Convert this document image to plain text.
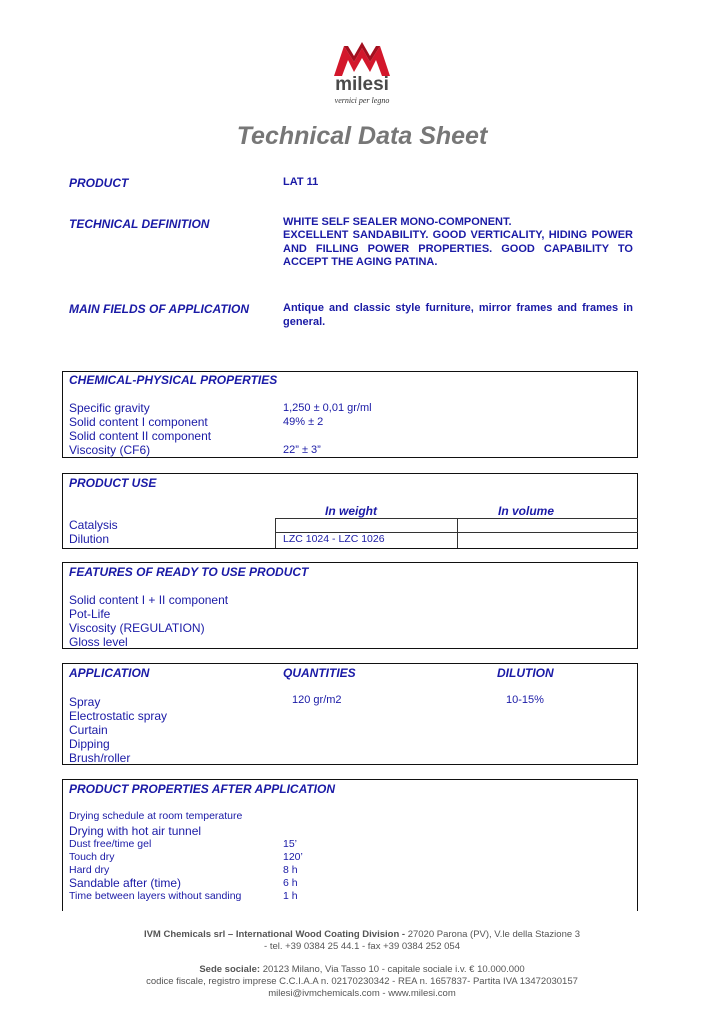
milesi
vernici per legno
Technical Data Sheet
PRODUCT	LAT 11
TECHNICAL DEFINITION	WHITE SELF SEALER MONO-COMPONENT.
EXCELLENT SANDABILITY. GOOD VERTICALITY, HIDING POWER AND FILLING POWER PROPERTIES. GOOD CAPABILITY TO ACCEPT THE AGING PATINA.
MAIN FIELDS OF APPLICATION	Antique and classic style furniture, mirror frames and frames in general.
CHEMICAL-PHYSICAL PROPERTIES
Specific gravity	1,250 ± 0,01 gr/ml
Solid content I component	49% ± 2
Solid content II component
Viscosity (CF6)	22” ± 3”
PRODUCT USE
In weight	In volume
Catalysis
Dilution	LZC 1024 - LZC 1026
FEATURES OF READY TO USE PRODUCT
Solid content I + II component
Pot-Life
Viscosity (REGULATION)
Gloss level
APPLICATION	QUANTITIES	DILUTION
Spray	120 gr/m2	10-15%
Electrostatic spray
Curtain
Dipping
Brush/roller
PRODUCT PROPERTIES AFTER APPLICATION
Drying schedule at room temperature
Drying with hot air tunnel
Dust free/time gel	15’
Touch dry	120’
Hard dry	8 h
Sandable after (time)	6 h
Time between layers without sanding	1 h
IVM Chemicals srl – International Wood Coating Division - 27020 Parona (PV), V.le della Stazione 3
- tel. +39 0384 25 44.1 - fax +39 0384 252 054
Sede sociale: 20123 Milano, Via Tasso 10 - capitale sociale i.v. € 10.000.000
codice fiscale, registro imprese C.C.I.A.A n. 02170230342 - REA n. 1657837- Partita IVA 13472030157
milesi@ivmchemicals.com - www.milesi.com
